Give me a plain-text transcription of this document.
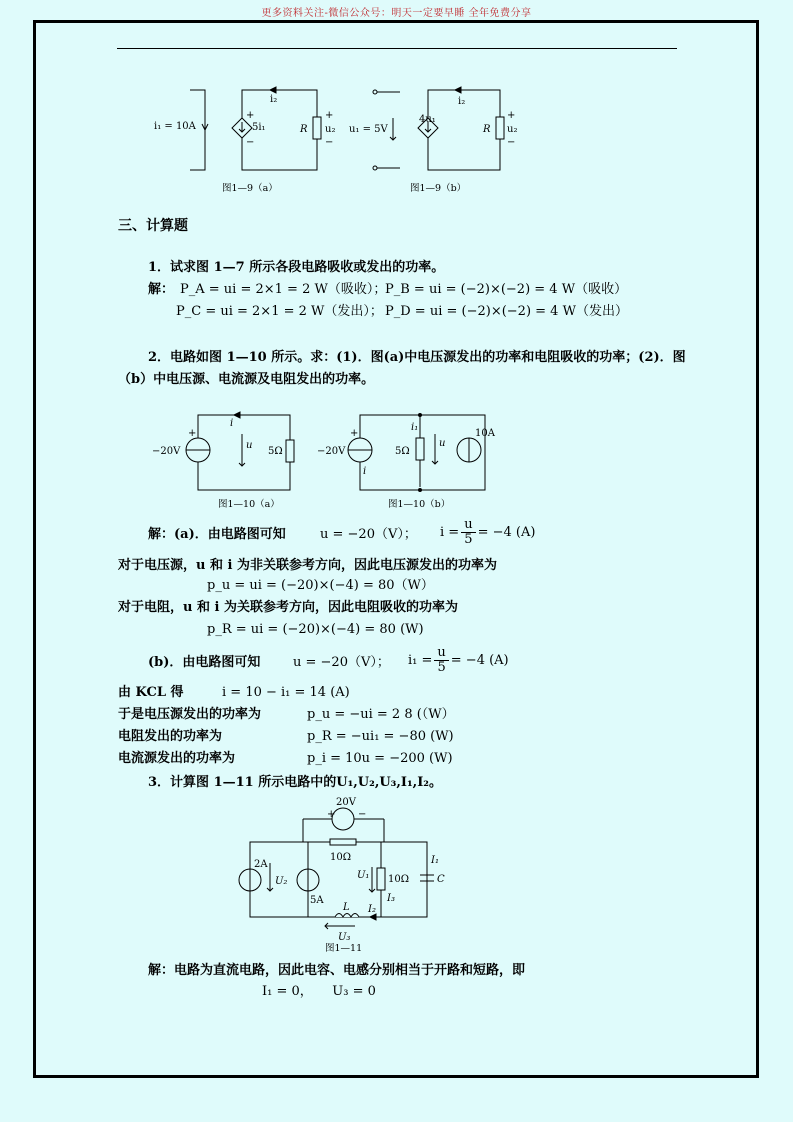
更多资料关注-微信公众号：明天一定要早睡 全年免费分享
i₁ = 10A
i₂
5i₁
+
−
R
+
u₂
−
图1—9（a）
u₁ = 5V
i₂
4u₁
R
+
u₂
−
图1—9（b）
三、计算题
1．试求图 1—7 所示各段电路吸收或发出的功率。
解： P_A = ui = 2×1 = 2 W（吸收）；
P_B = ui = (−2)×(−2) = 4 W（吸收）
P_C = ui = 2×1 = 2 W（发出）； P_D = ui = (−2)×(−2) = 4 W（发出）
2．电路如图 1—10 所示。求：(1)．图(a)中电压源发出的功率和电阻吸收的功率；(2)．图
（b）中电压源、电流源及电阻发出的功率。
−20V
+
i
u
5Ω
图1—10（a）
−20V
+
i
5Ω
i₁
u
10A
图1—10（b）
解：(a)．由电路图可知	u = −20（V）； $i = \frac{u}{5} = -4$ (A)
对于电压源，u 和 i 为非关联参考方向，因此电压源发出的功率为
p_u = ui = (−20)×(−4) = 80（W）
对于电阻，u 和 i 为关联参考方向，因此电阻吸收的功率为
p_R = ui = (−20)×(−4) = 80 (W)
(b)．由电路图可知	u = −20（V）； $i_1 = \frac{u}{5} = -4$ (A)
由 KCL 得	i = 10 − i₁ = 14 (A)
于是电压源发出的功率为	p_u = −ui = 2 8 (（W）
电阻发出的功率为	p_R = −ui₁ = −80 (W)
电流源发出的功率为	p_i = 10u = −200 (W)
3．计算图 1—11 所示电路中的U₁,U₂,U₃,I₁,I₂。
20V
+ −
10Ω
2A
U₂
5A
U₁ 10Ω
I₃
I₁
C
L I₂
U₃
图1—11
解：电路为直流电路，因此电容、电感分别相当于开路和短路，即
I₁ = 0，　　U₃ = 0
